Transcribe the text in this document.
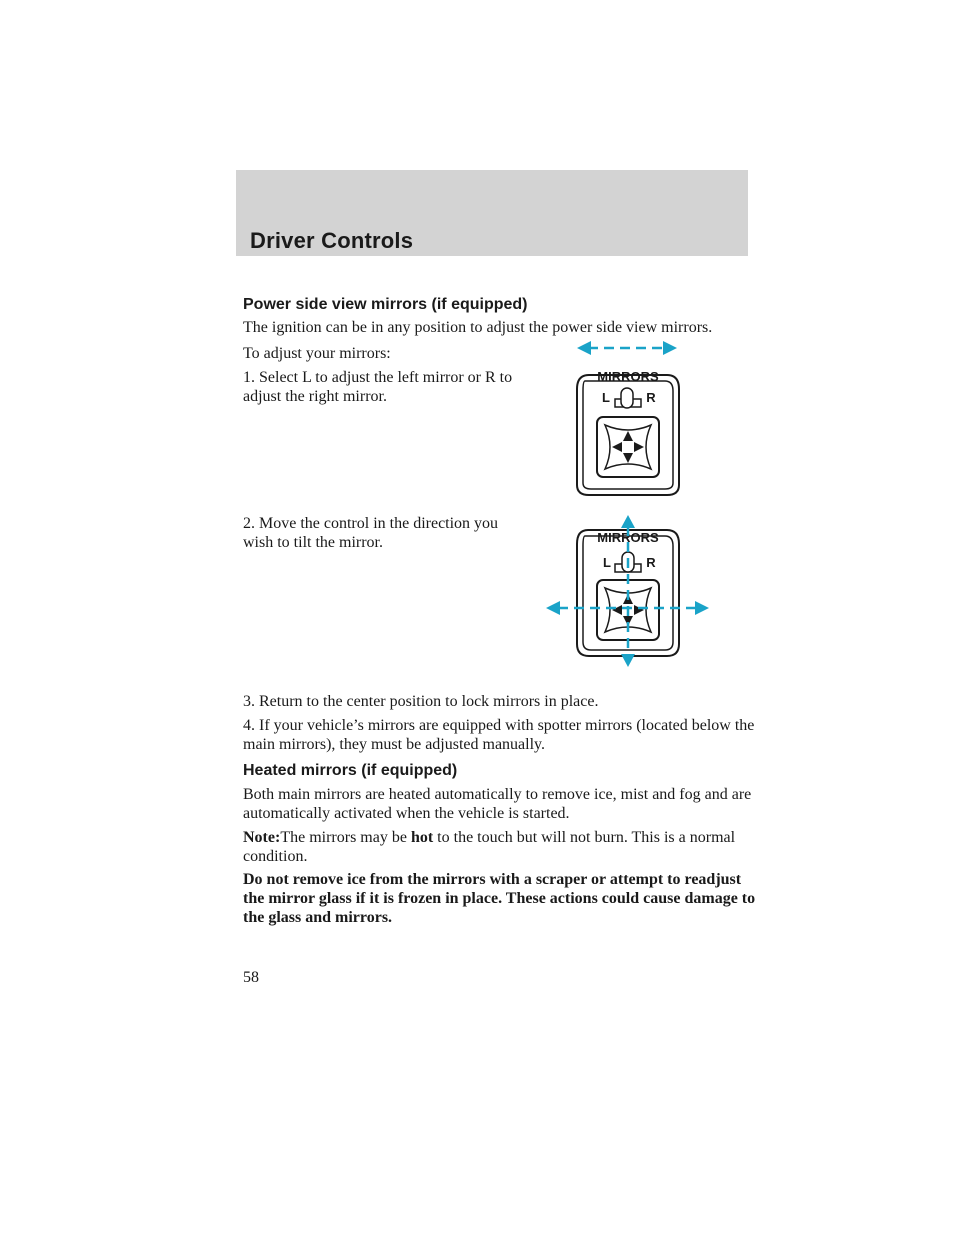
Driver Controls
Power side view mirrors (if equipped)

The ignition can be in any position to adjust the power side view mirrors.

To adjust your mirrors:

1. Select L to adjust the left mirror or R to adjust the right mirror.

MIRRORS
L	R

2. Move the control in the direction you wish to tilt the mirror.	MIRRORS
L	R

3. Return to the center position to lock mirrors in place.

4. If your vehicle’s mirrors are equipped with spotter mirrors (located below the main mirrors), they must be adjusted manually.

Heated mirrors (if equipped)

Both main mirrors are heated automatically to remove ice, mist and fog and are automatically activated when the vehicle is started.

Note:The mirrors may be hot to the touch but will not burn. This is a normal condition.

Do not remove ice from the mirrors with a scraper or attempt to readjust the mirror glass if it is frozen in place. These actions could cause damage to the glass and mirrors.

58
